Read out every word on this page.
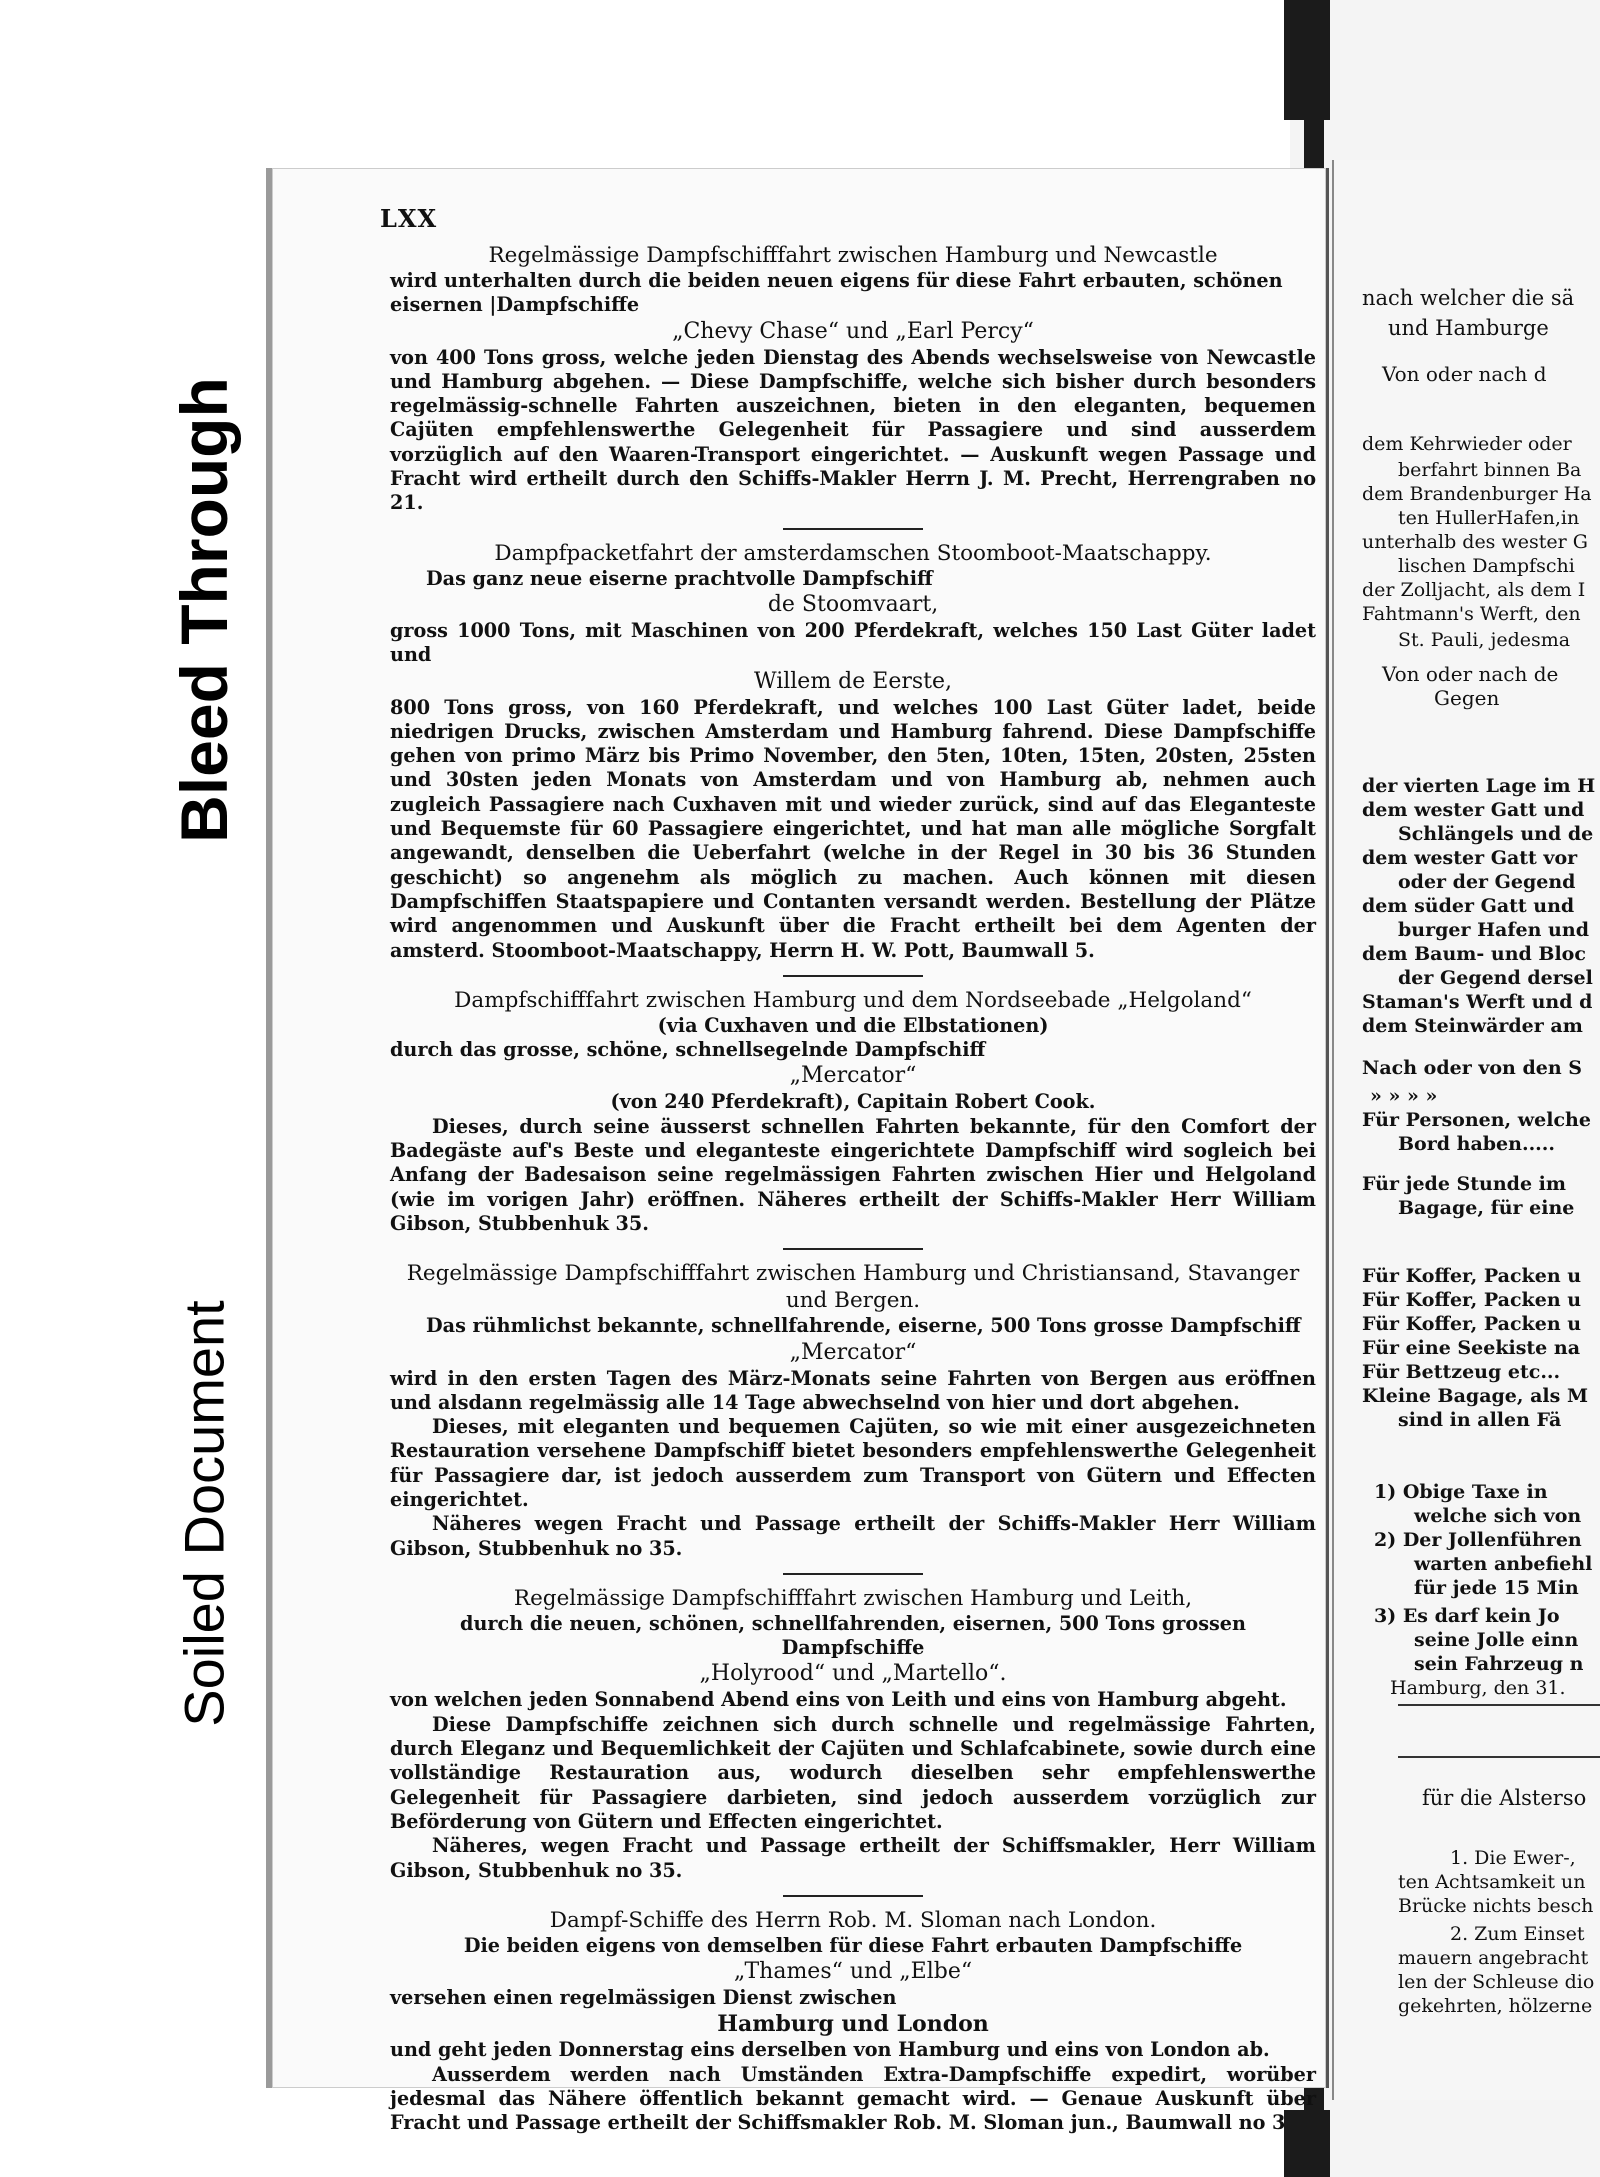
Bleed Through
Soiled Document
LXX
Regelmässige Dampfschifffahrt zwischen Hamburg und Newcastle
wird unterhalten durch die beiden neuen eigens für diese Fahrt erbauten, schönen eisernen |Dampfschiffe
„Chevy Chase“ und „Earl Percy“
von 400 Tons gross, welche jeden Dienstag des Abends wechselsweise von Newcastle und Hamburg abgehen. — Diese Dampfschiffe, welche sich bisher durch besonders regelmässig-schnelle Fahrten auszeichnen, bieten in den eleganten, bequemen Cajüten empfehlenswerthe Gelegenheit für Passagiere und sind ausserdem vorzüglich auf den Waaren-Transport eingerichtet. — Auskunft wegen Passage und Fracht wird ertheilt durch den Schiffs-Makler Herrn J. M. Precht, Herrengraben no 21.
Dampfpacketfahrt der amsterdamschen Stoomboot-Maatschappy.
Das ganz neue eiserne prachtvolle Dampfschiff
de Stoomvaart,
gross 1000 Tons, mit Maschinen von 200 Pferdekraft, welches 150 Last Güter ladet und
Willem de Eerste,
800 Tons gross, von 160 Pferdekraft, und welches 100 Last Güter ladet, beide niedrigen Drucks, zwischen Amsterdam und Hamburg fahrend. Diese Dampfschiffe gehen von primo März bis Primo November, den 5ten, 10ten, 15ten, 20sten, 25sten und 30sten jeden Monats von Amsterdam und von Hamburg ab, nehmen auch zugleich Passagiere nach Cuxhaven mit und wieder zurück, sind auf das Eleganteste und Bequemste für 60 Passagiere eingerichtet, und hat man alle mögliche Sorgfalt angewandt, denselben die Ueberfahrt (welche in der Regel in 30 bis 36 Stunden geschicht) so angenehm als möglich zu machen. Auch können mit diesen Dampfschiffen Staatspapiere und Contanten versandt werden. Bestellung der Plätze wird angenommen und Auskunft über die Fracht ertheilt bei dem Agenten der amsterd. Stoomboot-Maatschappy, Herrn H. W. Pott, Baumwall 5.
Dampfschifffahrt zwischen Hamburg und dem Nordseebade „Helgoland“
(via Cuxhaven und die Elbstationen)
durch das grosse, schöne, schnellsegelnde Dampfschiff
„Mercator“
(von 240 Pferdekraft), Capitain Robert Cook.
Dieses, durch seine äusserst schnellen Fahrten bekannte, für den Comfort der Badegäste auf's Beste und eleganteste eingerichtete Dampfschiff wird sogleich bei Anfang der Badesaison seine regelmässigen Fahrten zwischen Hier und Helgoland (wie im vorigen Jahr) eröffnen. Näheres ertheilt der Schiffs-Makler Herr William Gibson, Stubbenhuk 35.
Regelmässige Dampfschifffahrt zwischen Hamburg und Christiansand, Stavanger
und Bergen.
Das rühmlichst bekannte, schnellfahrende, eiserne, 500 Tons grosse Dampfschiff
„Mercator“
wird in den ersten Tagen des März-Monats seine Fahrten von Bergen aus eröffnen und alsdann regelmässig alle 14 Tage abwechselnd von hier und dort abgehen.
Dieses, mit eleganten und bequemen Cajüten, so wie mit einer ausgezeichneten Restauration versehene Dampfschiff bietet besonders empfehlenswerthe Gelegenheit für Passagiere dar, ist jedoch ausserdem zum Transport von Gütern und Effecten eingerichtet.
Näheres wegen Fracht und Passage ertheilt der Schiffs-Makler Herr William Gibson, Stubbenhuk no 35.
Regelmässige Dampfschifffahrt zwischen Hamburg und Leith,
durch die neuen, schönen, schnellfahrenden, eisernen, 500 Tons grossen Dampfschiffe
„Holyrood“ und „Martello“.
von welchen jeden Sonnabend Abend eins von Leith und eins von Hamburg abgeht.
Diese Dampfschiffe zeichnen sich durch schnelle und regelmässige Fahrten, durch Eleganz und Bequemlichkeit der Cajüten und Schlafcabinete, sowie durch eine vollständige Restauration aus, wodurch dieselben sehr empfehlenswerthe Gelegenheit für Passagiere darbieten, sind jedoch ausserdem vorzüglich zur Beförderung von Gütern und Effecten eingerichtet.
Näheres, wegen Fracht und Passage ertheilt der Schiffsmakler, Herr William Gibson, Stubbenhuk no 35.
Dampf-Schiffe des Herrn Rob. M. Sloman nach London.
Die beiden eigens von demselben für diese Fahrt erbauten Dampfschiffe
„Thames“ und „Elbe“
versehen einen regelmässigen Dienst zwischen
Hamburg und London
und geht jeden Donnerstag eins derselben von Hamburg und eins von London ab.
Ausserdem werden nach Umständen Extra-Dampfschiffe expedirt, worüber jedesmal das Nähere öffentlich bekannt gemacht wird. — Genaue Auskunft über Fracht und Passage ertheilt der Schiffsmakler Rob. M. Sloman jun., Baumwall no 3
nach welcher die sä
und Hamburge
Von oder nach d
dem Kehrwieder oder
berfahrt binnen Ba
dem Brandenburger Ha
ten HullerHafen,in
unterhalb des wester G
lischen Dampfschi
der Zolljacht, als dem I
Fahtmann's Werft, den
St. Pauli, jedesma
Von oder nach de
Gegen
der vierten Lage im H
dem wester Gatt und
Schlängels und de
dem wester Gatt vor
oder der Gegend
dem süder Gatt und
burger Hafen und
dem Baum- und Bloc
der Gegend dersel
Staman's Werft und d
dem Steinwärder am
Nach oder von den S
» » » »
Für Personen, welche
Bord haben.....
Für jede Stunde im
Bagage, für eine
Für Koffer, Packen u
Für Koffer, Packen u
Für Koffer, Packen u
Für eine Seekiste na
Für Bettzeug etc...
Kleine Bagage, als M
sind in allen Fä
1) Obige Taxe in
welche sich von
2) Der Jollenführen
warten anbefiehl
für jede 15 Min
3) Es darf kein Jo
seine Jolle einn
sein Fahrzeug n
Hamburg, den 31.
für die Alsterso
1. Die Ewer-,
ten Achtsamkeit un
Brücke nichts besch
2. Zum Einset
mauern angebracht
len der Schleuse dio
gekehrten, hölzerne
